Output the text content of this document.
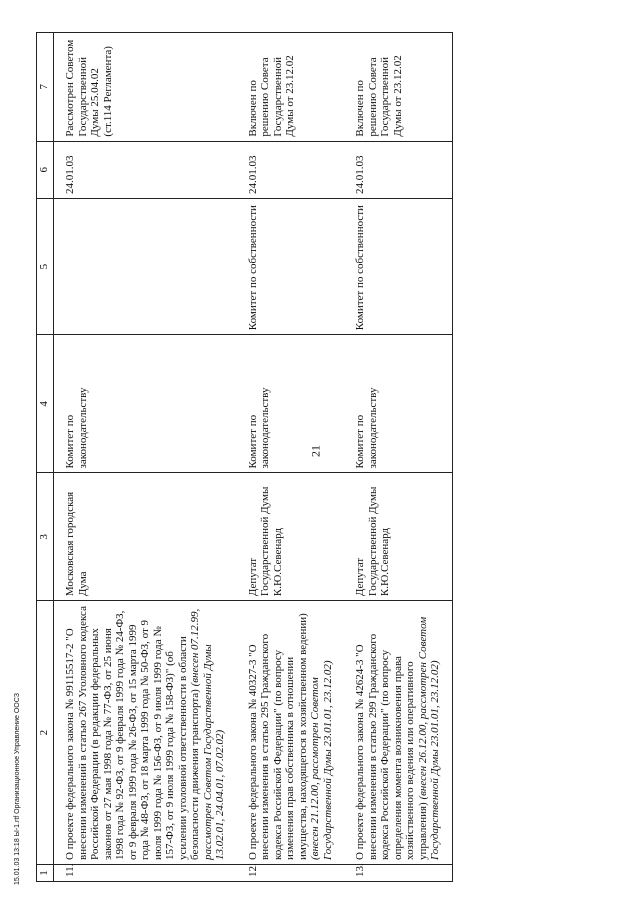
21
1	2	3	4	5	6	7
11.	О проекте федерального закона № 99115517-2 "О внесении изменений в статью 267 Уголовного кодекса Российской Федерации (в редакции федеральных законов от 27 мая 1998 года № 77-ФЗ, от 25 июня 1998 года № 92-ФЗ, от 9 февраля 1999 года № 24-ФЗ, от 9 февраля 1999 года № 26-ФЗ, от 15 марта 1999 года № 48-ФЗ, от 18 марта 1999 года № 50-ФЗ, от 9 июля 1999 года № 156-ФЗ, от 9 июля 1999 года № 157-ФЗ, от 9 июля 1999 года № 158-ФЗ)" (об усилении уголовной ответственности в области безопасности движения транспорта) (внесен 07.12.99, рассмотрен Советом Государственной Думы 13.02.01, 24.04.01, 07.02.02)	Московская городская Дума	Комитет по законодательству		24.01.03	Рассмотрен Советом Государственной Думы 25.04.02 (ст.114 Регламента)
12.	О проекте федерального закона № 40327-3 "О внесении изменения в статью 295 Гражданского кодекса Российской Федерации" (по вопросу изменения прав собственника в отношении имущества, находящегося в хозяйственном ведении) (внесен 21.12.00, рассмотрен Советом Государственной Думы 23.01.01, 23.12.02)	Депутат Государственной Думы К.Ю.Севенард	Комитет по законодательству	Комитет по собственности	24.01.03	Включен по решению Совета Государственной Думы от 23.12.02
13.	О проекте федерального закона № 42624-3 "О внесении изменения в статью 299 Гражданского кодекса Российской Федерации" (по вопросу определения момента возникновения права хозяйственного ведения или оперативного управления) (внесен 26.12.00, рассмотрен Советом Государственной Думы 23.01.01, 23.12.02)	Депутат Государственной Думы К.Ю.Севенард	Комитет по законодательству	Комитет по собственности	24.01.03	Включен по решению Совета Государственной Думы от 23.12.02
15.01.03 13:18 Ы-1.rtf Организационное Управление ООСЗ
